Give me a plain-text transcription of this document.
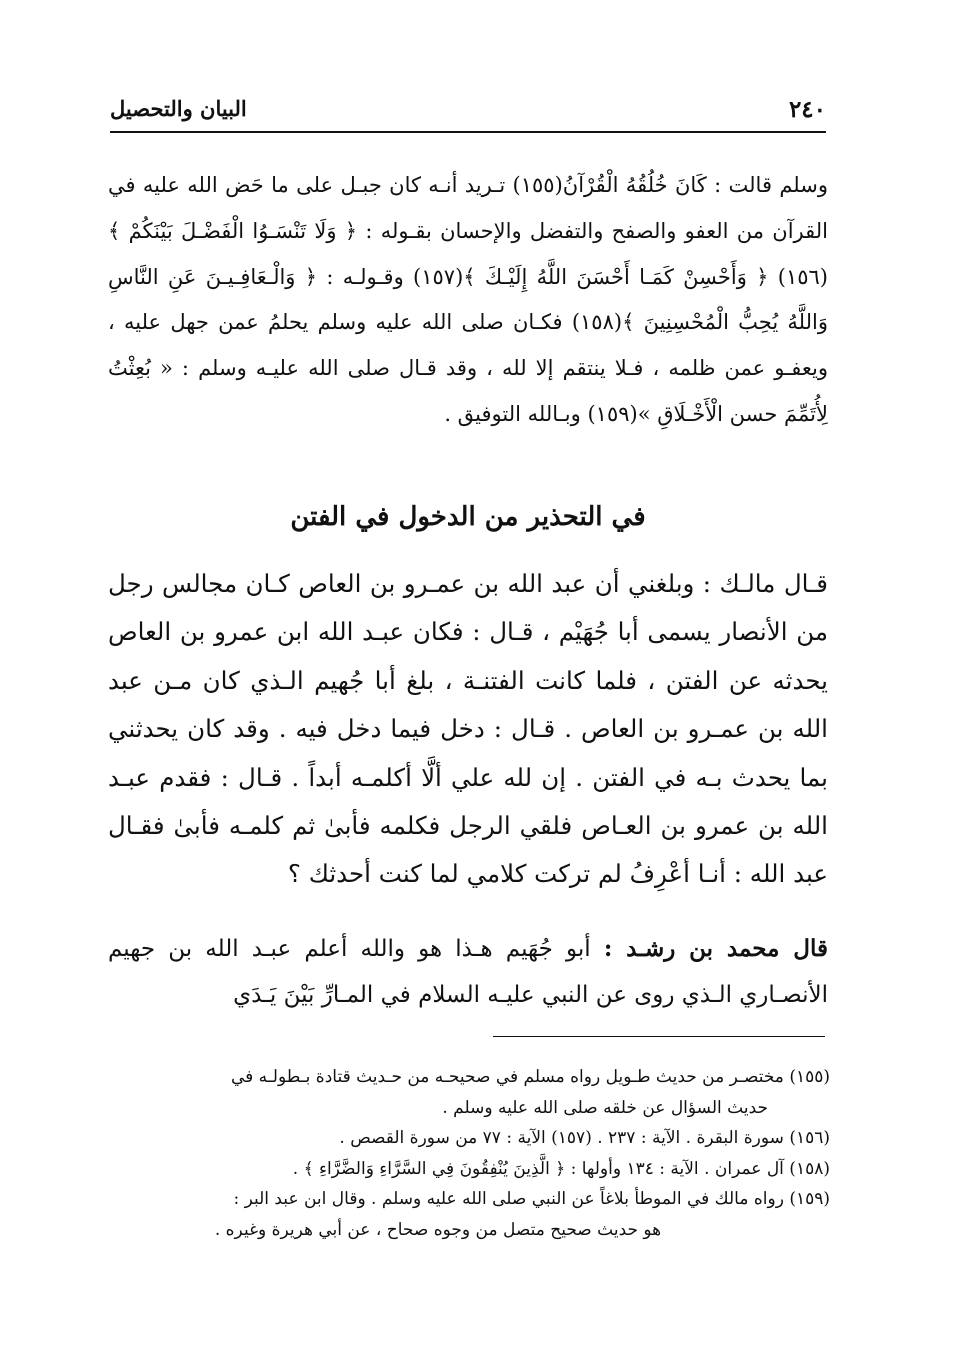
٢٤٠
البيان والتحصيل
وسلم قالت : كَانَ خُلُقُهُ الْقُرْآنُ(١٥٥) تـريد أنـه كان جبـل على ما حَض الله عليه في القرآن من العفو والصفح والتفضل والإحسان بقـوله : ﴿ وَلَا تَنْسَـوُا الْفَضْـلَ بَيْنَكُمْ ﴾(١٥٦) ﴿ وَأَحْسِنْ كَمَـا أَحْسَنَ اللَّهُ إِلَيْـكَ ﴾(١٥٧) وقـولـه : ﴿ وَالْـعَافِـيـنَ عَنِ النَّاسِ وَاللَّهُ يُحِبُّ الْمُحْسِنِينَ ﴾(١٥٨) فكـان صلى الله عليه وسلم يحلمُ عمن جهل عليه ، ويعفـو عمن ظلمه ، فـلا ينتقم إلا لله ، وقد قـال صلى الله عليـه وسلم : « بُعِثْتُ لِأُتَمِّمَ حسن الْأَخْـلَاقِ »(١٥٩) وبـالله التوفيق .
في التحذير من الدخول في الفتن
قـال مالـك : وبلغني أن عبد الله بن عمـرو بن العاص كـان مجالس رجل من الأنصار يسمى أبا جُهَيْم ، قـال : فكان عبـد الله ابن عمرو بن العاص يحدثه عن الفتن ، فلما كانت الفتنـة ، بلغ أبا جُهيم الـذي كان مـن عبد الله بن عمـرو بن العاص . قـال : دخل فيما دخل فيه . وقد كان يحدثني بما يحدث بـه في الفتن . إن لله علي ألَّا أكلمـه أبداً . قـال : فقدم عبـد الله بن عمرو بن العـاص فلقي الرجل فكلمه فأبىٰ ثم كلمـه فأبىٰ فقـال عبد الله : أنـا أعْرِفُ لم تركت كلامي لما كنت أحدثك ؟
قال محمد بن رشـد : أبو جُهَيم هـذا هو والله أعلم عبـد الله بن جهيم الأنصـاري الـذي روى عن النبي عليـه السلام في المـارِّ بَيْنَ يَـدَي

(١٥٥) مختصـر من حديث طـويل رواه مسلم في صحيحـه من حـديث قتادة بـطولـه في
حديث السؤال عن خلقه صلى الله عليه وسلم .

(١٥٦) سورة البقرة . الآية : ٢٣٧ . (١٥٧) الآية : ٧٧ من سورة القصص .

(١٥٨) آل عمران . الآية : ١٣٤ وأولها : ﴿ الَّذِينَ يُنْفِقُونَ فِي السَّرَّاءِ وَالضَّرَّاءِ ﴾ .

(١٥٩) رواه مالك في الموطأ بلاغاً عن النبي صلى الله عليه وسلم . وقال ابن عبد البر :
هو حديث صحيح متصل من وجوه صحاح ، عن أبي هريرة وغيره .
